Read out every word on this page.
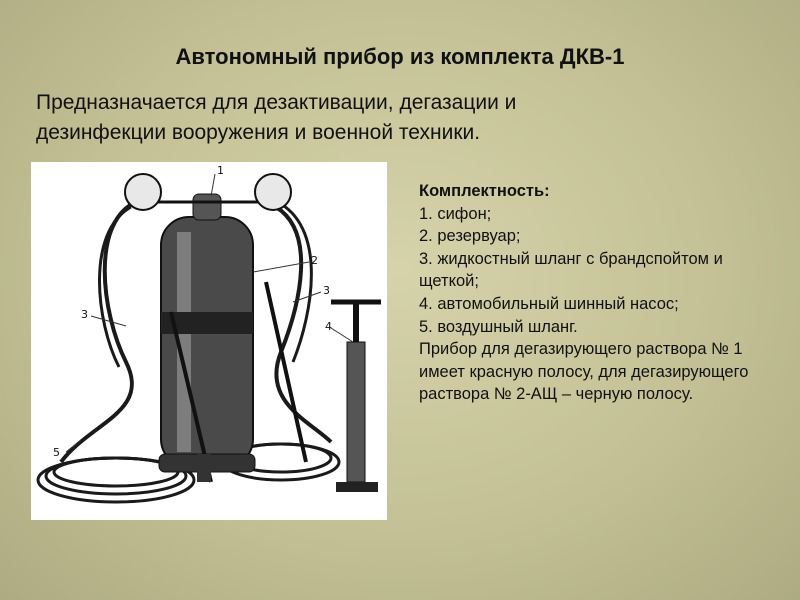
Автономный прибор из комплекта ДКВ-1

Предназначается для дезактивации, дегазации и
дезинфекции вооружения и военной техники.

1
2
3
3
4
5
Комплектность:
1. сифон;
2. резервуар;
3. жидкостный шланг с брандспойтом и щеткой;
4. автомобильный шинный насос;
5. воздушный шланг.
Прибор для дегазирующего раствора № 1 имеет красную полосу, для дегазирующего раствора № 2-АЩ – черную полосу.
